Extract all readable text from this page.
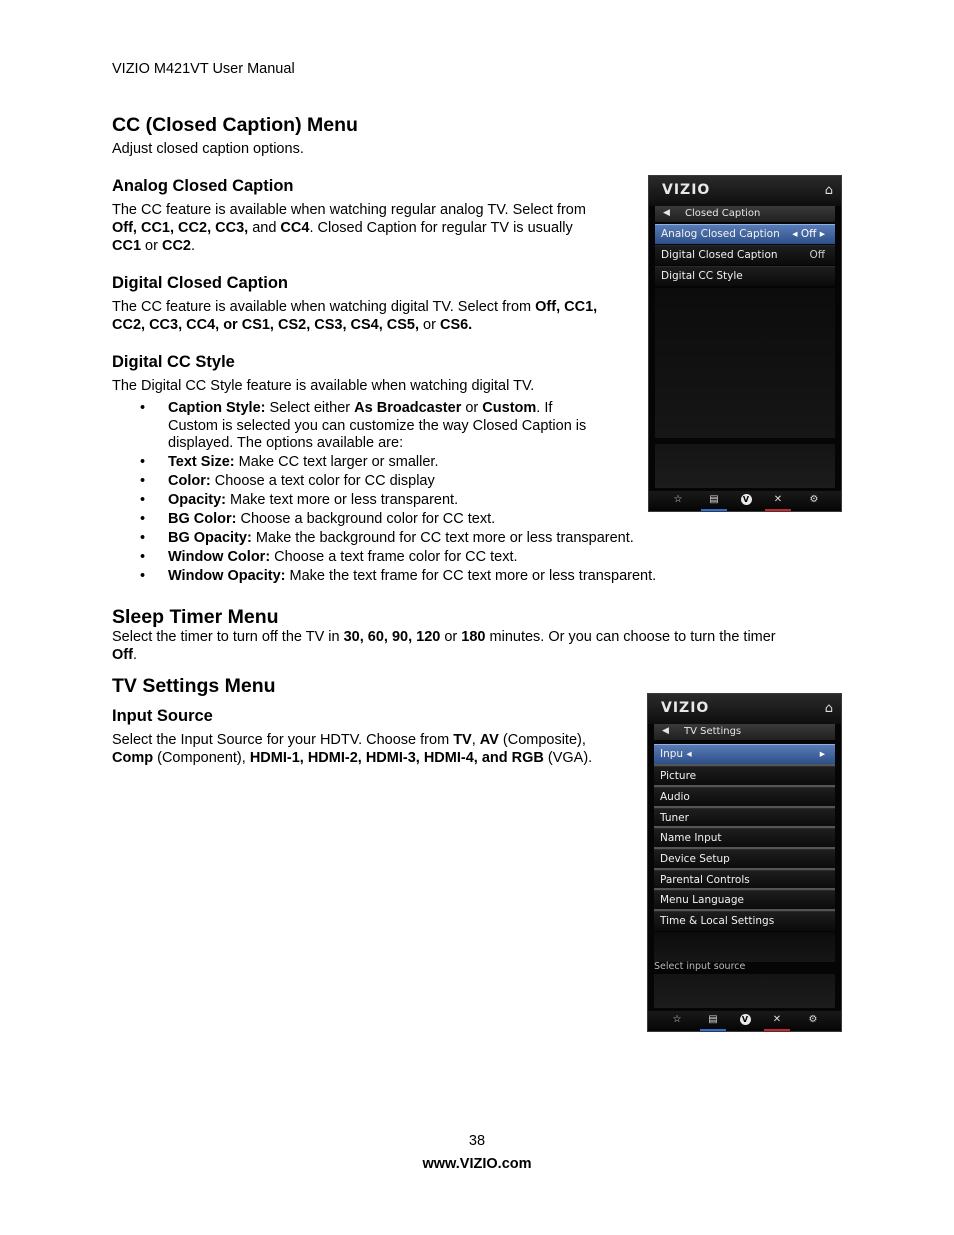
VIZIO M421VT User Manual
CC (Closed Caption) Menu
Adjust closed caption options.
Analog Closed Caption
The CC feature is available when watching regular analog TV. Select from
Off, CC1, CC2, CC3, and CC4. Closed Caption for regular TV is usually
CC1 or CC2.
Digital Closed Caption
The CC feature is available when watching digital TV. Select from Off, CC1,
CC2, CC3, CC4, or CS1, CS2, CS3, CS4, CS5, or CS6.
Digital CC Style
The Digital CC Style feature is available when watching digital TV.
• Caption Style: Select either As Broadcaster or Custom. If
Custom is selected you can customize the way Closed Caption is
displayed. The options available are:
• Text Size: Make CC text larger or smaller.
• Color: Choose a text color for CC display
• Opacity: Make text more or less transparent.
• BG Color: Choose a background color for CC text.
• BG Opacity: Make the background for CC text more or less transparent.
• Window Color: Choose a text frame color for CC text.
• Window Opacity: Make the text frame for CC text more or less transparent.
Sleep Timer Menu
Select the timer to turn off the TV in 30, 60, 90, 120 or 180 minutes. Or you can choose to turn the timer
Off.
TV Settings Menu
Input Source
Select the Input Source for your HDTV. Choose from TV, AV (Composite),
Comp (Component), HDMI-1, HDMI-2, HDMI-3, HDMI-4, and RGB (VGA).
VIZIO	⌂
◀ Closed Caption
Analog Closed Caption ◂ Off ▸
Digital Closed Caption	Off
Digital CC Style
☆	▤	V	✕	⚙
VIZIO	⌂
◀ TV Settings
Inpu ◂	▸
Picture
Audio
Tuner
Name Input
Device Setup
Parental Controls
Menu Language
Time & Local Settings
Select input source
☆	▤	V	✕	⚙
38
www.VIZIO.com
